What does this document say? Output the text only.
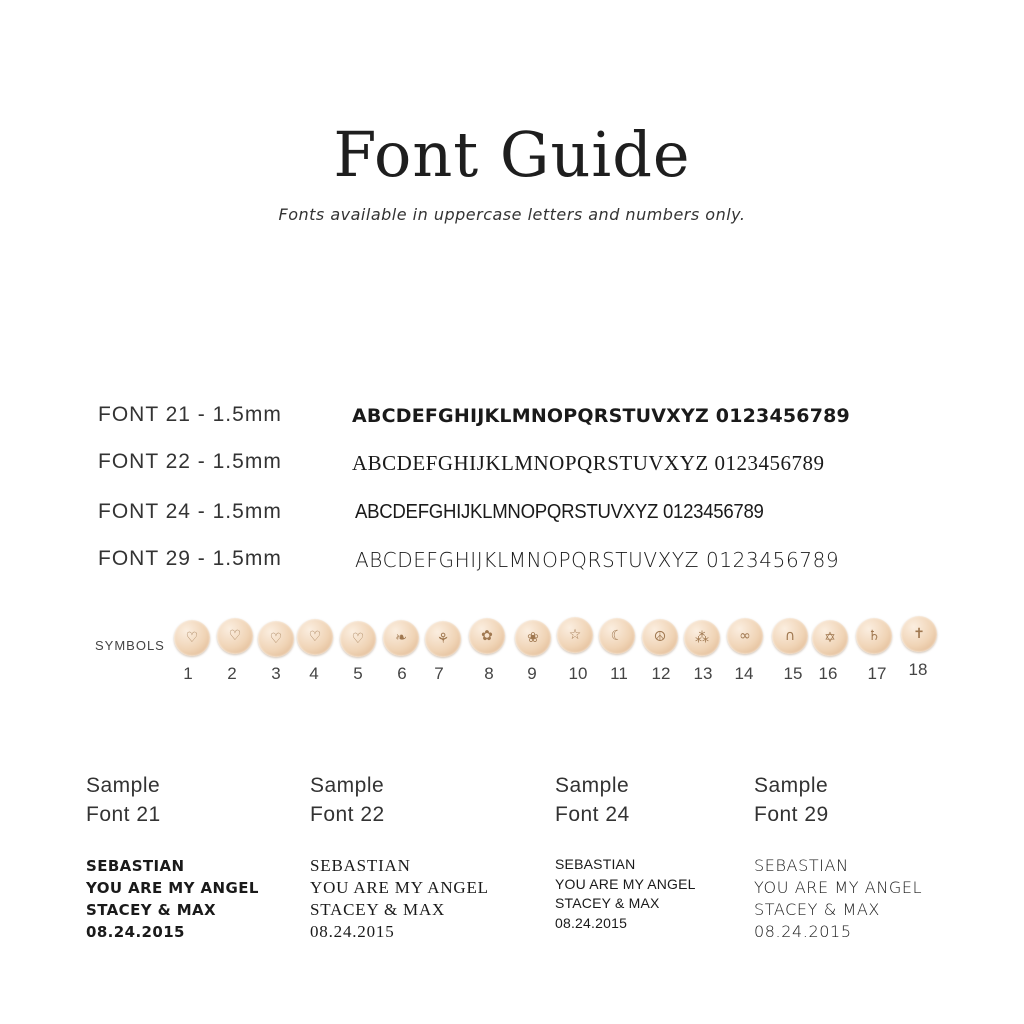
Font Guide
Fonts available in uppercase letters and numbers only.
FONT 21 - 1.5mm	ABCDEFGHIJKLMNOPQRSTUVXYZ 0123456789
FONT 22 - 1.5mm	ABCDEFGHIJKLMNOPQRSTUVXYZ 0123456789
FONT 24 - 1.5mm	ABCDEFGHIJKLMNOPQRSTUVXYZ 0123456789
FONT 29 - 1.5mm	ABCDEFGHIJKLMNOPQRSTUVXYZ 0123456789
SYMBOLS	♡
1
♡
2
♡
3
♡
4
♡
5
❧
6
⚘
7
✿
8
❀
9
☆
10
☾
11
☮
12
⁂
13
∞
14
∩
15
✡
16
♄
17
✝
18
Sample
Font 21
SEBASTIAN
YOU ARE MY ANGEL
STACEY & MAX
08.24.2015
Sample
Font 22
SEBASTIAN
YOU ARE MY ANGEL
STACEY & MAX
08.24.2015
Sample
Font 24
SEBASTIAN
YOU ARE MY ANGEL
STACEY & MAX
08.24.2015
Sample
Font 29
SEBASTIAN
YOU ARE MY ANGEL
STACEY & MAX
08.24.2015
